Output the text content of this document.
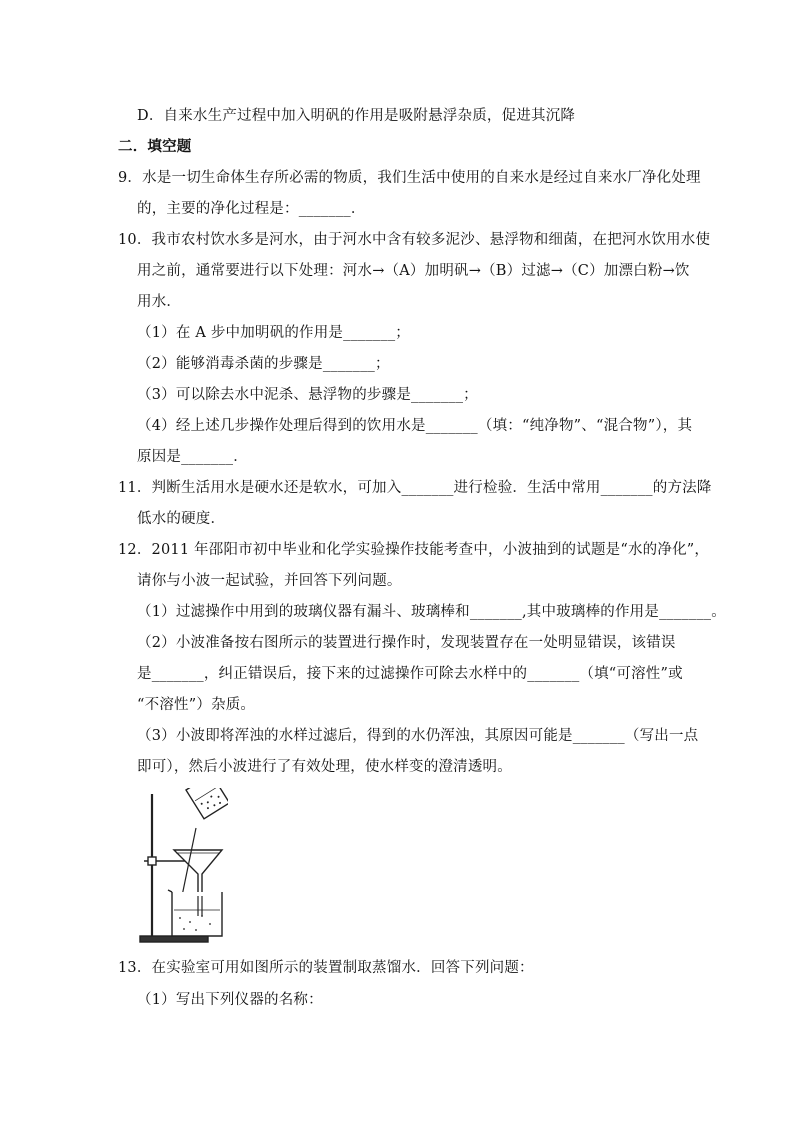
D．自来水生产过程中加入明矾的作用是吸附悬浮杂质，促进其沉降
二．填空题
9．水是一切生命体生存所必需的物质，我们生活中使用的自来水是经过自来水厂净化处理
的，主要的净化过程是：_______．
10．我市农村饮水多是河水，由于河水中含有较多泥沙、悬浮物和细菌，在把河水饮用水使
用之前，通常要进行以下处理：河水→（A）加明矾→（B）过滤→（C）加漂白粉→饮
用水．
（1）在 A 步中加明矾的作用是_______；
（2）能够消毒杀菌的步骤是_______；
（3）可以除去水中泥杀、悬浮物的步骤是_______；
（4）经上述几步操作处理后得到的饮用水是_______（填：“纯净物”、“混合物”），其
原因是_______．
11．判断生活用水是硬水还是软水，可加入_______进行检验．生活中常用_______的方法降
低水的硬度．
12．2011 年邵阳市初中毕业和化学实验操作技能考查中，小波抽到的试题是“水的净化”，
请你与小波一起试验，并回答下列问题。
（1）过滤操作中用到的玻璃仪器有漏斗、玻璃棒和_______,其中玻璃棒的作用是_______。
（2）小波准备按右图所示的装置进行操作时，发现装置存在一处明显错误，该错误
是_______，纠正错误后，接下来的过滤操作可除去水样中的_______（填“可溶性”或
“不溶性”）杂质。
（3）小波即将浑浊的水样过滤后，得到的水仍浑浊，其原因可能是_______（写出一点
即可），然后小波进行了有效处理，使水样变的澄清透明。
13．在实验室可用如图所示的装置制取蒸馏水．回答下列问题：
（1）写出下列仪器的名称：
